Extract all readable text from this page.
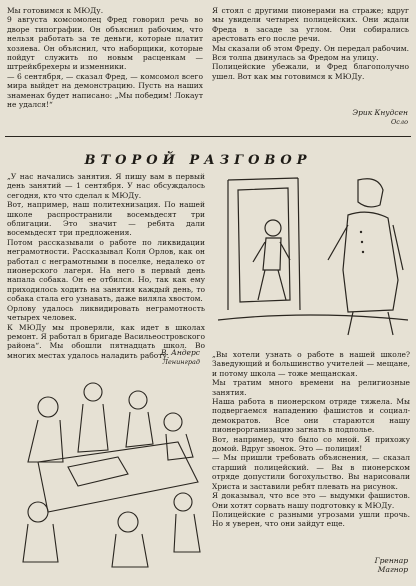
Мы готовимся к МЮДу.
9 августа комсомолец Фред говорил речь во дворе типографии. Он объяснил рабочим, что нельзя работать за те деньги, которые платит хозяева. Он объяснил, что наборщики, которые пойдут служить по новым расценкам — штрейкбрехеры и изменники.
— 6 сентября, — сказал Фред, — комсомол всего мира выйдет на демонстрацию. Пусть на наших знаменах будет написано: „Мы победим! Локаут не удался!“
Я стоял с другими пионерами на страже; вдруг мы увидели четырех полицейских. Они ждали Фреда в засаде за углом. Они собирались арестовать его после речи.
Мы сказали об этом Фреду. Он передал рабочим. Вся толпа двинулась за Фредом на улицу.
Полицейские убежали, и Фред благополучно ушел. Вот как мы готовимся к МЮДу.
Эрик Кнудсен
Осло
ВТОРОЙ РАЗГОВОР
„У нас начались занятия. Я пишу вам в первый день занятий — 1 сентября. У нас обсуждалось сегодня, кто что сделал к МЮДу.
Вот, например, наш политехнизация. По нашей школе распространили восемьдесят три облигации. Это значит — ребята дали восемьдесят три предложения.
Потом рассказывали о работе по ликвидации неграмотности. Рассказывал Коля Орлов, как он работал с неграмотными в поселке, недалеко от пионерского лагеря. На него в первый день напала собака. Он ее отбился. Но, так как ему приходилось ходить на занятия каждый день, то собака стала его узнавать, даже виляла хвостом.
Орлову удалось ликвидировать неграмотность четырех человек.
К МЮДу мы проверяли, как идет в школах ремонт. Я работал в бригаде Васильеостровского района“. Мы обошли пятнадцать школ. Во многих местах удалось наладить работу.
В. Андерс
Ленинград
„Вы хотели узнать о работе в нашей школе? Заведующий и большинство учителей — мещане, и потому школа — тоже мещанская.
Мы тратим много времени на религиозные занятия.
Наша работа в пионерском отряде тяжела. Мы подвергаемся нападению фашистов и социал-демократов. Все они стараются нашу пионерорганизацию загнать в подполье.
Вот, например, что было со мной. Я прихожу домой. Вдруг звонок. Это — полиция!
— Мы пришли требовать объяснения, — сказал старший полицейский. — Вы в пионерском отряде допустили богохульство. Вы нарисовали Христа и заставили ребят плевать на рисунок.
Я доказывал, что все это — выдумки фашистов. Они хотят сорвать нашу подготовку к МЮДу.
Полицейские с разными угрозами ушли прочь. Но я уверен, что они зайдут еще.
Греннар
Магнор
